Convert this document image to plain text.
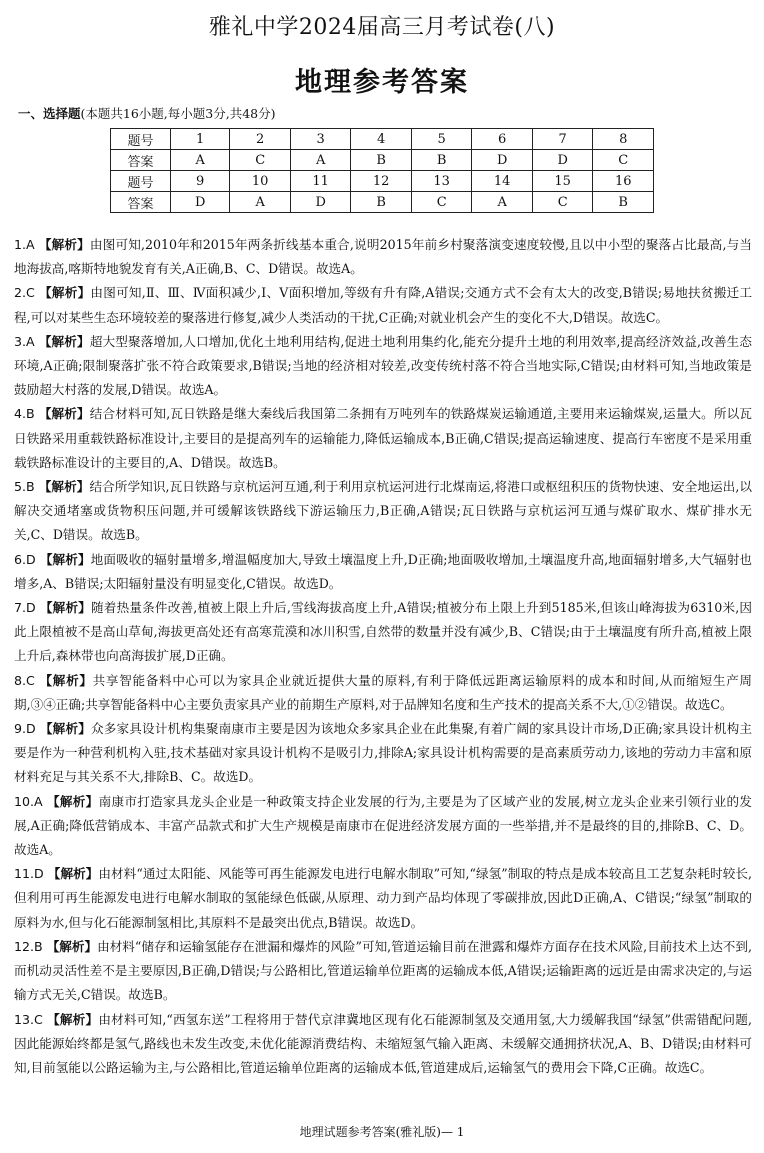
雅礼中学2024届高三月考试卷(八)
地理参考答案
一、选择题(本题共16小题,每小题3分,共48分)
题号	1	2	3	4	5	6	7	8
答案	A	C	A	B	B	D	D	C
题号	9	10	11	12	13	14	15	16
答案	D	A	D	B	C	A	C	B

1.A 【解析】由图可知,2010年和2015年两条折线基本重合,说明2015年前乡村聚落演变速度较慢,且以中小型的聚落占比最高,与当地海拔高,喀斯特地貌发育有关,A正确,B、C、D错误。故选A。

2.C 【解析】由图可知,Ⅱ、Ⅲ、Ⅳ面积减少,Ⅰ、Ⅴ面积增加,等级有升有降,A错误;交通方式不会有太大的改变,B错误;易地扶贫搬迁工程,可以对某些生态环境较差的聚落进行修复,减少人类活动的干扰,C正确;对就业机会产生的变化不大,D错误。故选C。

3.A 【解析】超大型聚落增加,人口增加,优化土地利用结构,促进土地利用集约化,能充分提升土地的利用效率,提高经济效益,改善生态环境,A正确;限制聚落扩张不符合政策要求,B错误;当地的经济相对较差,改变传统村落不符合当地实际,C错误;由材料可知,当地政策是鼓励超大村落的发展,D错误。故选A。

4.B 【解析】结合材料可知,瓦日铁路是继大秦线后我国第二条拥有万吨列车的铁路煤炭运输通道,主要用来运输煤炭,运量大。所以瓦日铁路采用重载铁路标准设计,主要目的是提高列车的运输能力,降低运输成本,B正确,C错误;提高运输速度、提高行车密度不是采用重载铁路标准设计的主要目的,A、D错误。故选B。

5.B 【解析】结合所学知识,瓦日铁路与京杭运河互通,利于利用京杭运河进行北煤南运,将港口或枢纽积压的货物快速、安全地运出,以解决交通堵塞或货物积压问题,并可缓解该铁路线下游运输压力,B正确,A错误;瓦日铁路与京杭运河互通与煤矿取水、煤矿排水无关,C、D错误。故选B。

6.D 【解析】地面吸收的辐射量增多,增温幅度加大,导致土壤温度上升,D正确;地面吸收增加,土壤温度升高,地面辐射增多,大气辐射也增多,A、B错误;太阳辐射量没有明显变化,C错误。故选D。

7.D 【解析】随着热量条件改善,植被上限上升后,雪线海拔高度上升,A错误;植被分布上限上升到5185米,但该山峰海拔为6310米,因此上限植被不是高山草甸,海拔更高处还有高寒荒漠和冰川积雪,自然带的数量并没有减少,B、C错误;由于土壤温度有所升高,植被上限上升后,森林带也向高海拔扩展,D正确。

8.C 【解析】共享智能备料中心可以为家具企业就近提供大量的原料,有利于降低远距离运输原料的成本和时间,从而缩短生产周期,③④正确;共享智能备料中心主要负责家具产业的前期生产原料,对于品牌知名度和生产技术的提高关系不大,①②错误。故选C。

9.D 【解析】众多家具设计机构集聚南康市主要是因为该地众多家具企业在此集聚,有着广阔的家具设计市场,D正确;家具设计机构主要是作为一种营利机构入驻,技术基础对家具设计机构不是吸引力,排除A;家具设计机构需要的是高素质劳动力,该地的劳动力丰富和原材料充足与其关系不大,排除B、C。故选D。

10.A 【解析】南康市打造家具龙头企业是一种政策支持企业发展的行为,主要是为了区域产业的发展,树立龙头企业来引领行业的发展,A正确;降低营销成本、丰富产品款式和扩大生产规模是南康市在促进经济发展方面的一些举措,并不是最终的目的,排除B、C、D。故选A。

11.D 【解析】由材料“通过太阳能、风能等可再生能源发电进行电解水制取”可知,“绿氢”制取的特点是成本较高且工艺复杂耗时较长,但利用可再生能源发电进行电解水制取的氢能绿色低碳,从原理、动力到产品均体现了零碳排放,因此D正确,A、C错误;“绿氢”制取的原料为水,但与化石能源制氢相比,其原料不是最突出优点,B错误。故选D。

12.B 【解析】由材料“储存和运输氢能存在泄漏和爆炸的风险”可知,管道运输目前在泄露和爆炸方面存在技术风险,目前技术上达不到,而机动灵活性差不是主要原因,B正确,D错误;与公路相比,管道运输单位距离的运输成本低,A错误;运输距离的远近是由需求决定的,与运输方式无关,C错误。故选B。

13.C 【解析】由材料可知,“西氢东送”工程将用于替代京津冀地区现有化石能源制氢及交通用氢,大力缓解我国“绿氢”供需错配问题,因此能源始终都是氢气,路线也未发生改变,未优化能源消费结构、未缩短氢气输入距离、未缓解交通拥挤状况,A、B、D错误;由材料可知,目前氢能以公路运输为主,与公路相比,管道运输单位距离的运输成本低,管道建成后,运输氢气的费用会下降,C正确。故选C。

地理试题参考答案(雅礼版)— 1
